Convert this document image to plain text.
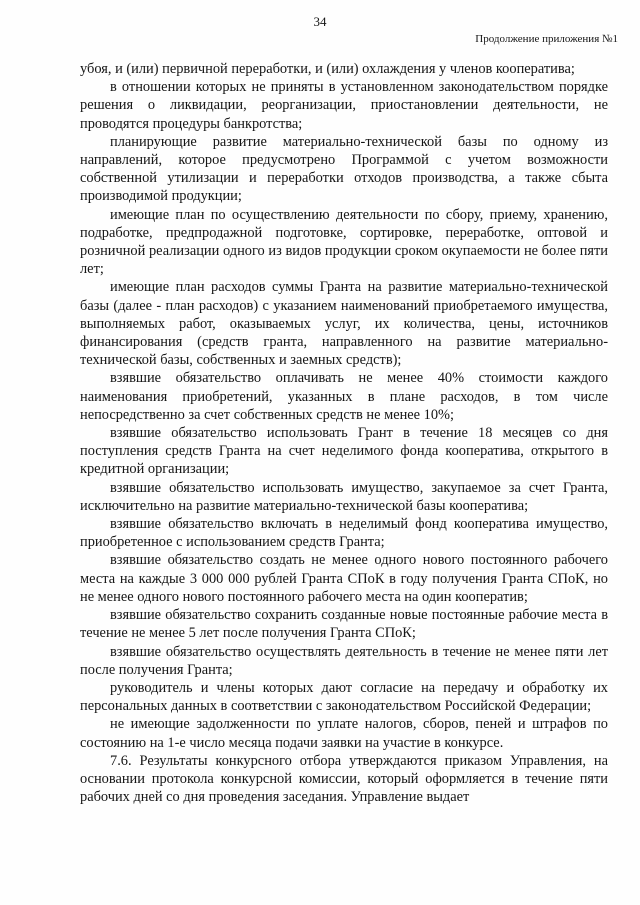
34
Продолжение приложения №1

убоя, и (или) первичной переработки, и (или) охлаждения у членов кооператива;

в отношении которых не приняты в установленном законодательством порядке решения о ликвидации, реорганизации, приостановлении деятельности, не проводятся процедуры банкротства;

планирующие развитие материально-технической базы по одному из направлений, которое предусмотрено Программой с учетом возможности собственной утилизации и переработки отходов производства, а также сбыта производимой продукции;

имеющие план по осуществлению деятельности по сбору, приему, хранению, подработке, предпродажной подготовке, сортировке, переработке, оптовой и розничной реализации одного из видов продукции сроком окупаемости не более пяти лет;

имеющие план расходов суммы Гранта на развитие материально-технической базы (далее - план расходов) с указанием наименований приобретаемого имущества, выполняемых работ, оказываемых услуг, их количества, цены, источников финансирования (средств гранта, направленного на развитие материально-технической базы, собственных и заемных средств);

взявшие обязательство оплачивать не менее 40% стоимости каждого наименования приобретений, указанных в плане расходов, в том числе непосредственно за счет собственных средств не менее 10%;

взявшие обязательство использовать Грант в течение 18 месяцев со дня поступления средств Гранта на счет неделимого фонда кооператива, открытого в кредитной организации;

взявшие обязательство использовать имущество, закупаемое за счет Гранта, исключительно на развитие материально-технической базы кооператива;

взявшие обязательство включать в неделимый фонд кооператива имущество, приобретенное с использованием средств Гранта;

взявшие обязательство создать не менее одного нового постоянного рабочего места на каждые 3 000 000 рублей Гранта СПоК в году получения Гранта СПоК, но не менее одного нового постоянного рабочего места на один кооператив;

взявшие обязательство сохранить созданные новые постоянные рабочие места в течение не менее 5 лет после получения Гранта СПоК;

взявшие обязательство осуществлять деятельность в течение не менее пяти лет после получения Гранта;

руководитель и члены которых дают согласие на передачу и обработку их персональных данных в соответствии с законодательством Российской Федерации;

не имеющие задолженности по уплате налогов, сборов, пеней и штрафов по состоянию на 1-е число месяца подачи заявки на участие в конкурсе.

7.6. Результаты конкурсного отбора утверждаются приказом Управления, на основании протокола конкурсной комиссии, который оформляется в течение пяти рабочих дней со дня проведения заседания. Управление выдает
